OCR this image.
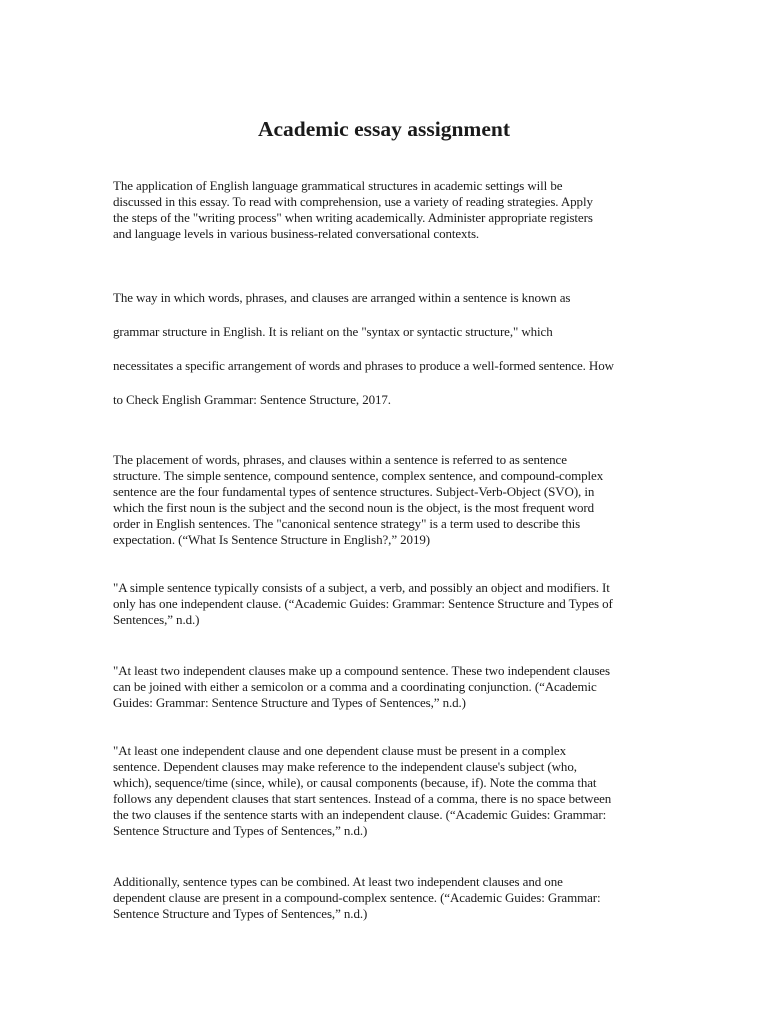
Academic essay assignment

The application of English language grammatical structures in academic settings will be
discussed in this essay. To read with comprehension, use a variety of reading strategies. Apply
the steps of the "writing process" when writing academically. Administer appropriate registers
and language levels in various business-related conversational contexts.

The way in which words, phrases, and clauses are arranged within a sentence is known as
grammar structure in English. It is reliant on the "syntax or syntactic structure," which
necessitates a specific arrangement of words and phrases to produce a well-formed sentence. How
to Check English Grammar: Sentence Structure, 2017.

The placement of words, phrases, and clauses within a sentence is referred to as sentence
structure. The simple sentence, compound sentence, complex sentence, and compound-complex
sentence are the four fundamental types of sentence structures. Subject-Verb-Object (SVO), in
which the first noun is the subject and the second noun is the object, is the most frequent word
order in English sentences. The "canonical sentence strategy" is a term used to describe this
expectation. (“What Is Sentence Structure in English?,” 2019)

"A simple sentence typically consists of a subject, a verb, and possibly an object and modifiers. It
only has one independent clause. (“Academic Guides: Grammar: Sentence Structure and Types of
Sentences,” n.d.)

"At least two independent clauses make up a compound sentence. These two independent clauses
can be joined with either a semicolon or a comma and a coordinating conjunction. (“Academic
Guides: Grammar: Sentence Structure and Types of Sentences,” n.d.)

"At least one independent clause and one dependent clause must be present in a complex
sentence. Dependent clauses may make reference to the independent clause's subject (who,
which), sequence/time (since, while), or causal components (because, if). Note the comma that
follows any dependent clauses that start sentences. Instead of a comma, there is no space between
the two clauses if the sentence starts with an independent clause. (“Academic Guides: Grammar:
Sentence Structure and Types of Sentences,” n.d.)

Additionally, sentence types can be combined. At least two independent clauses and one
dependent clause are present in a compound-complex sentence. (“Academic Guides: Grammar:
Sentence Structure and Types of Sentences,” n.d.)
